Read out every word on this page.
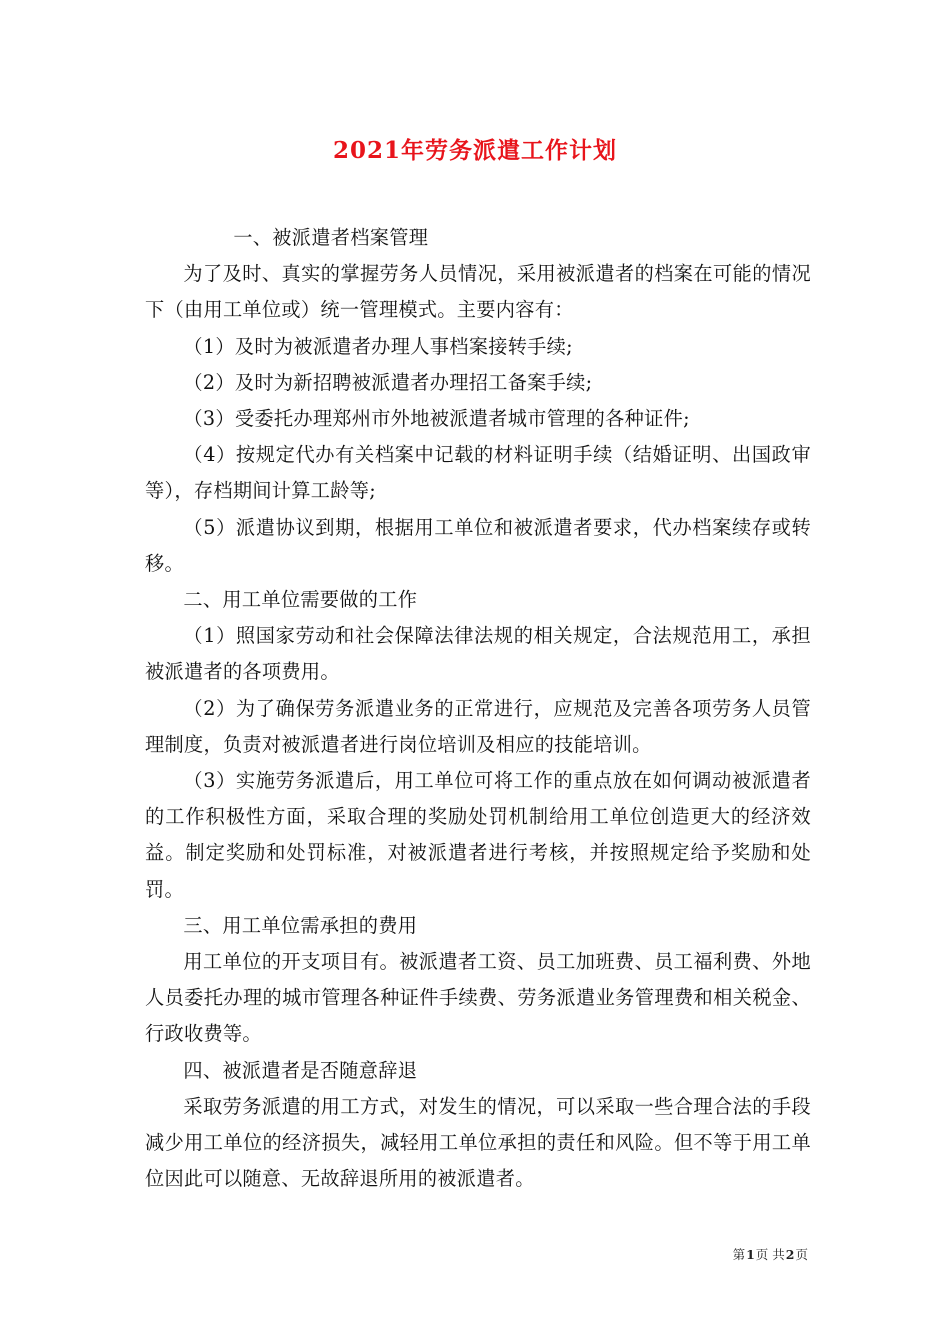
2021年劳务派遣工作计划

一、被派遣者档案管理

为了及时、真实的掌握劳务人员情况，采用被派遣者的档案在可能的情况下（由用工单位或）统一管理模式。主要内容有：

（1）及时为被派遣者办理人事档案接转手续;

（2）及时为新招聘被派遣者办理招工备案手续;

（3）受委托办理郑州市外地被派遣者城市管理的各种证件;

（4）按规定代办有关档案中记载的材料证明手续（结婚证明、出国政审等），存档期间计算工龄等;

（5）派遣协议到期，根据用工单位和被派遣者要求，代办档案续存或转移。

二、用工单位需要做的工作

（1）照国家劳动和社会保障法律法规的相关规定，合法规范用工，承担被派遣者的各项费用。

（2）为了确保劳务派遣业务的正常进行，应规范及完善各项劳务人员管理制度，负责对被派遣者进行岗位培训及相应的技能培训。

（3）实施劳务派遣后，用工单位可将工作的重点放在如何调动被派遣者的工作积极性方面，采取合理的奖励处罚机制给用工单位创造更大的经济效益。制定奖励和处罚标准，对被派遣者进行考核，并按照规定给予奖励和处罚。

三、用工单位需承担的费用

用工单位的开支项目有。被派遣者工资、员工加班费、员工福利费、外地人员委托办理的城市管理各种证件手续费、劳务派遣业务管理费和相关税金、行政收费等。

四、被派遣者是否随意辞退

采取劳务派遣的用工方式，对发生的情况，可以采取一些合理合法的手段减少用工单位的经济损失，减轻用工单位承担的责任和风险。但不等于用工单位因此可以随意、无故辞退所用的被派遣者。

第1页 共2页
